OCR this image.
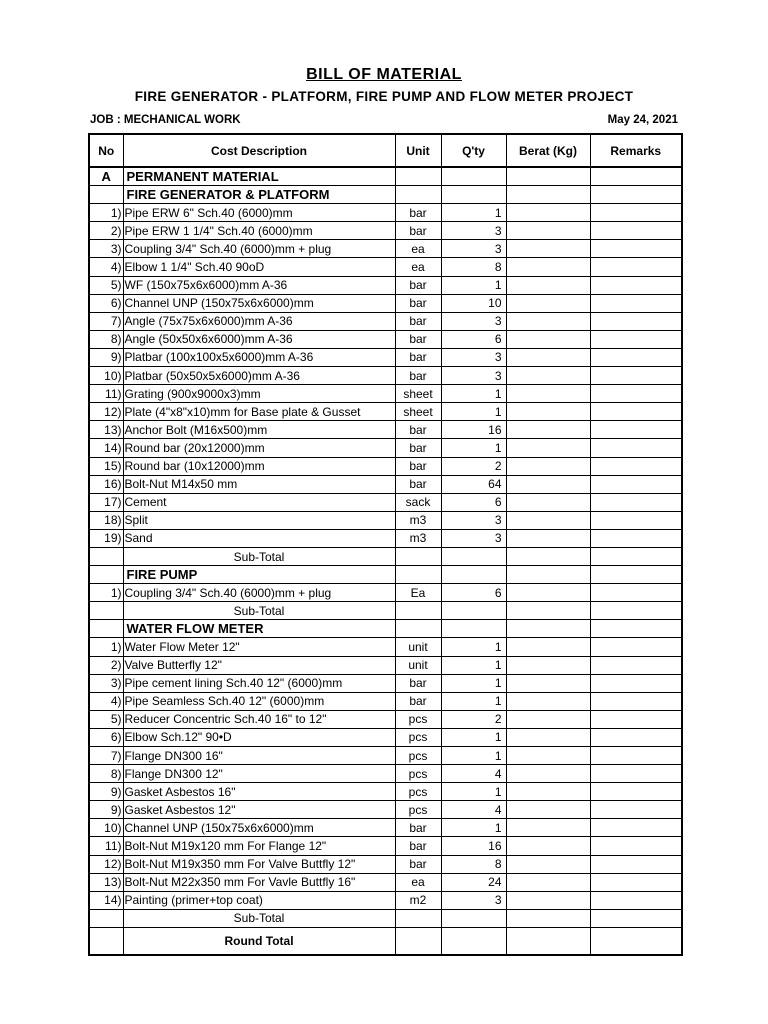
BILL OF MATERIAL
FIRE GENERATOR - PLATFORM, FIRE PUMP AND FLOW METER PROJECT
JOB : MECHANICAL WORK	May 24, 2021
No	Cost Description	Unit	Q'ty	Berat (Kg)	Remarks
A	PERMANENT MATERIAL				
	FIRE GENERATOR & PLATFORM				
1)	Pipe ERW 6" Sch.40 (6000)mm	bar	1		
2)	Pipe ERW 1 1/4" Sch.40 (6000)mm	bar	3		
3)	Coupling 3/4" Sch.40 (6000)mm + plug	ea	3		
4)	Elbow 1 1/4" Sch.40 90oD	ea	8		
5)	WF (150x75x6x6000)mm A-36	bar	1		
6)	Channel UNP (150x75x6x6000)mm	bar	10		
7)	Angle (75x75x6x6000)mm A-36	bar	3		
8)	Angle (50x50x6x6000)mm A-36	bar	6		
9)	Platbar (100x100x5x6000)mm A-36	bar	3		
10)	Platbar (50x50x5x6000)mm A-36	bar	3		
11)	Grating (900x9000x3)mm	sheet	1		
12)	Plate (4"x8"x10)mm for Base plate & Gusset	sheet	1		
13)	Anchor Bolt (M16x500)mm	bar	16		
14)	Round bar (20x12000)mm	bar	1		
15)	Round bar (10x12000)mm	bar	2		
16)	Bolt-Nut M14x50 mm	bar	64		
17)	Cement	sack	6		
18)	Split	m3	3		
19)	Sand	m3	3		
	Sub-Total				
	FIRE PUMP				
1)	Coupling 3/4" Sch.40 (6000)mm + plug	Ea	6		
	Sub-Total				
	WATER FLOW METER				
1)	Water Flow Meter 12"	unit	1		
2)	Valve Butterfly 12"	unit	1		
3)	Pipe cement lining Sch.40 12" (6000)mm	bar	1		
4)	Pipe Seamless Sch.40 12" (6000)mm	bar	1		
5)	Reducer Concentric Sch.40 16" to 12"	pcs	2		
6)	Elbow Sch.12" 90•D	pcs	1		
7)	Flange DN300 16"	pcs	1		
8)	Flange DN300 12"	pcs	4		
9)	Gasket Asbestos 16"	pcs	1		
9)	Gasket Asbestos 12"	pcs	4		
10)	Channel UNP (150x75x6x6000)mm	bar	1		
11)	Bolt-Nut M19x120 mm For Flange 12"	bar	16		
12)	Bolt-Nut M19x350 mm For Valve Buttfly 12"	bar	8		
13)	Bolt-Nut M22x350 mm For Vavle Buttfly 16"	ea	24		
14)	Painting (primer+top coat)	m2	3		
	Sub-Total				
	Round Total				
